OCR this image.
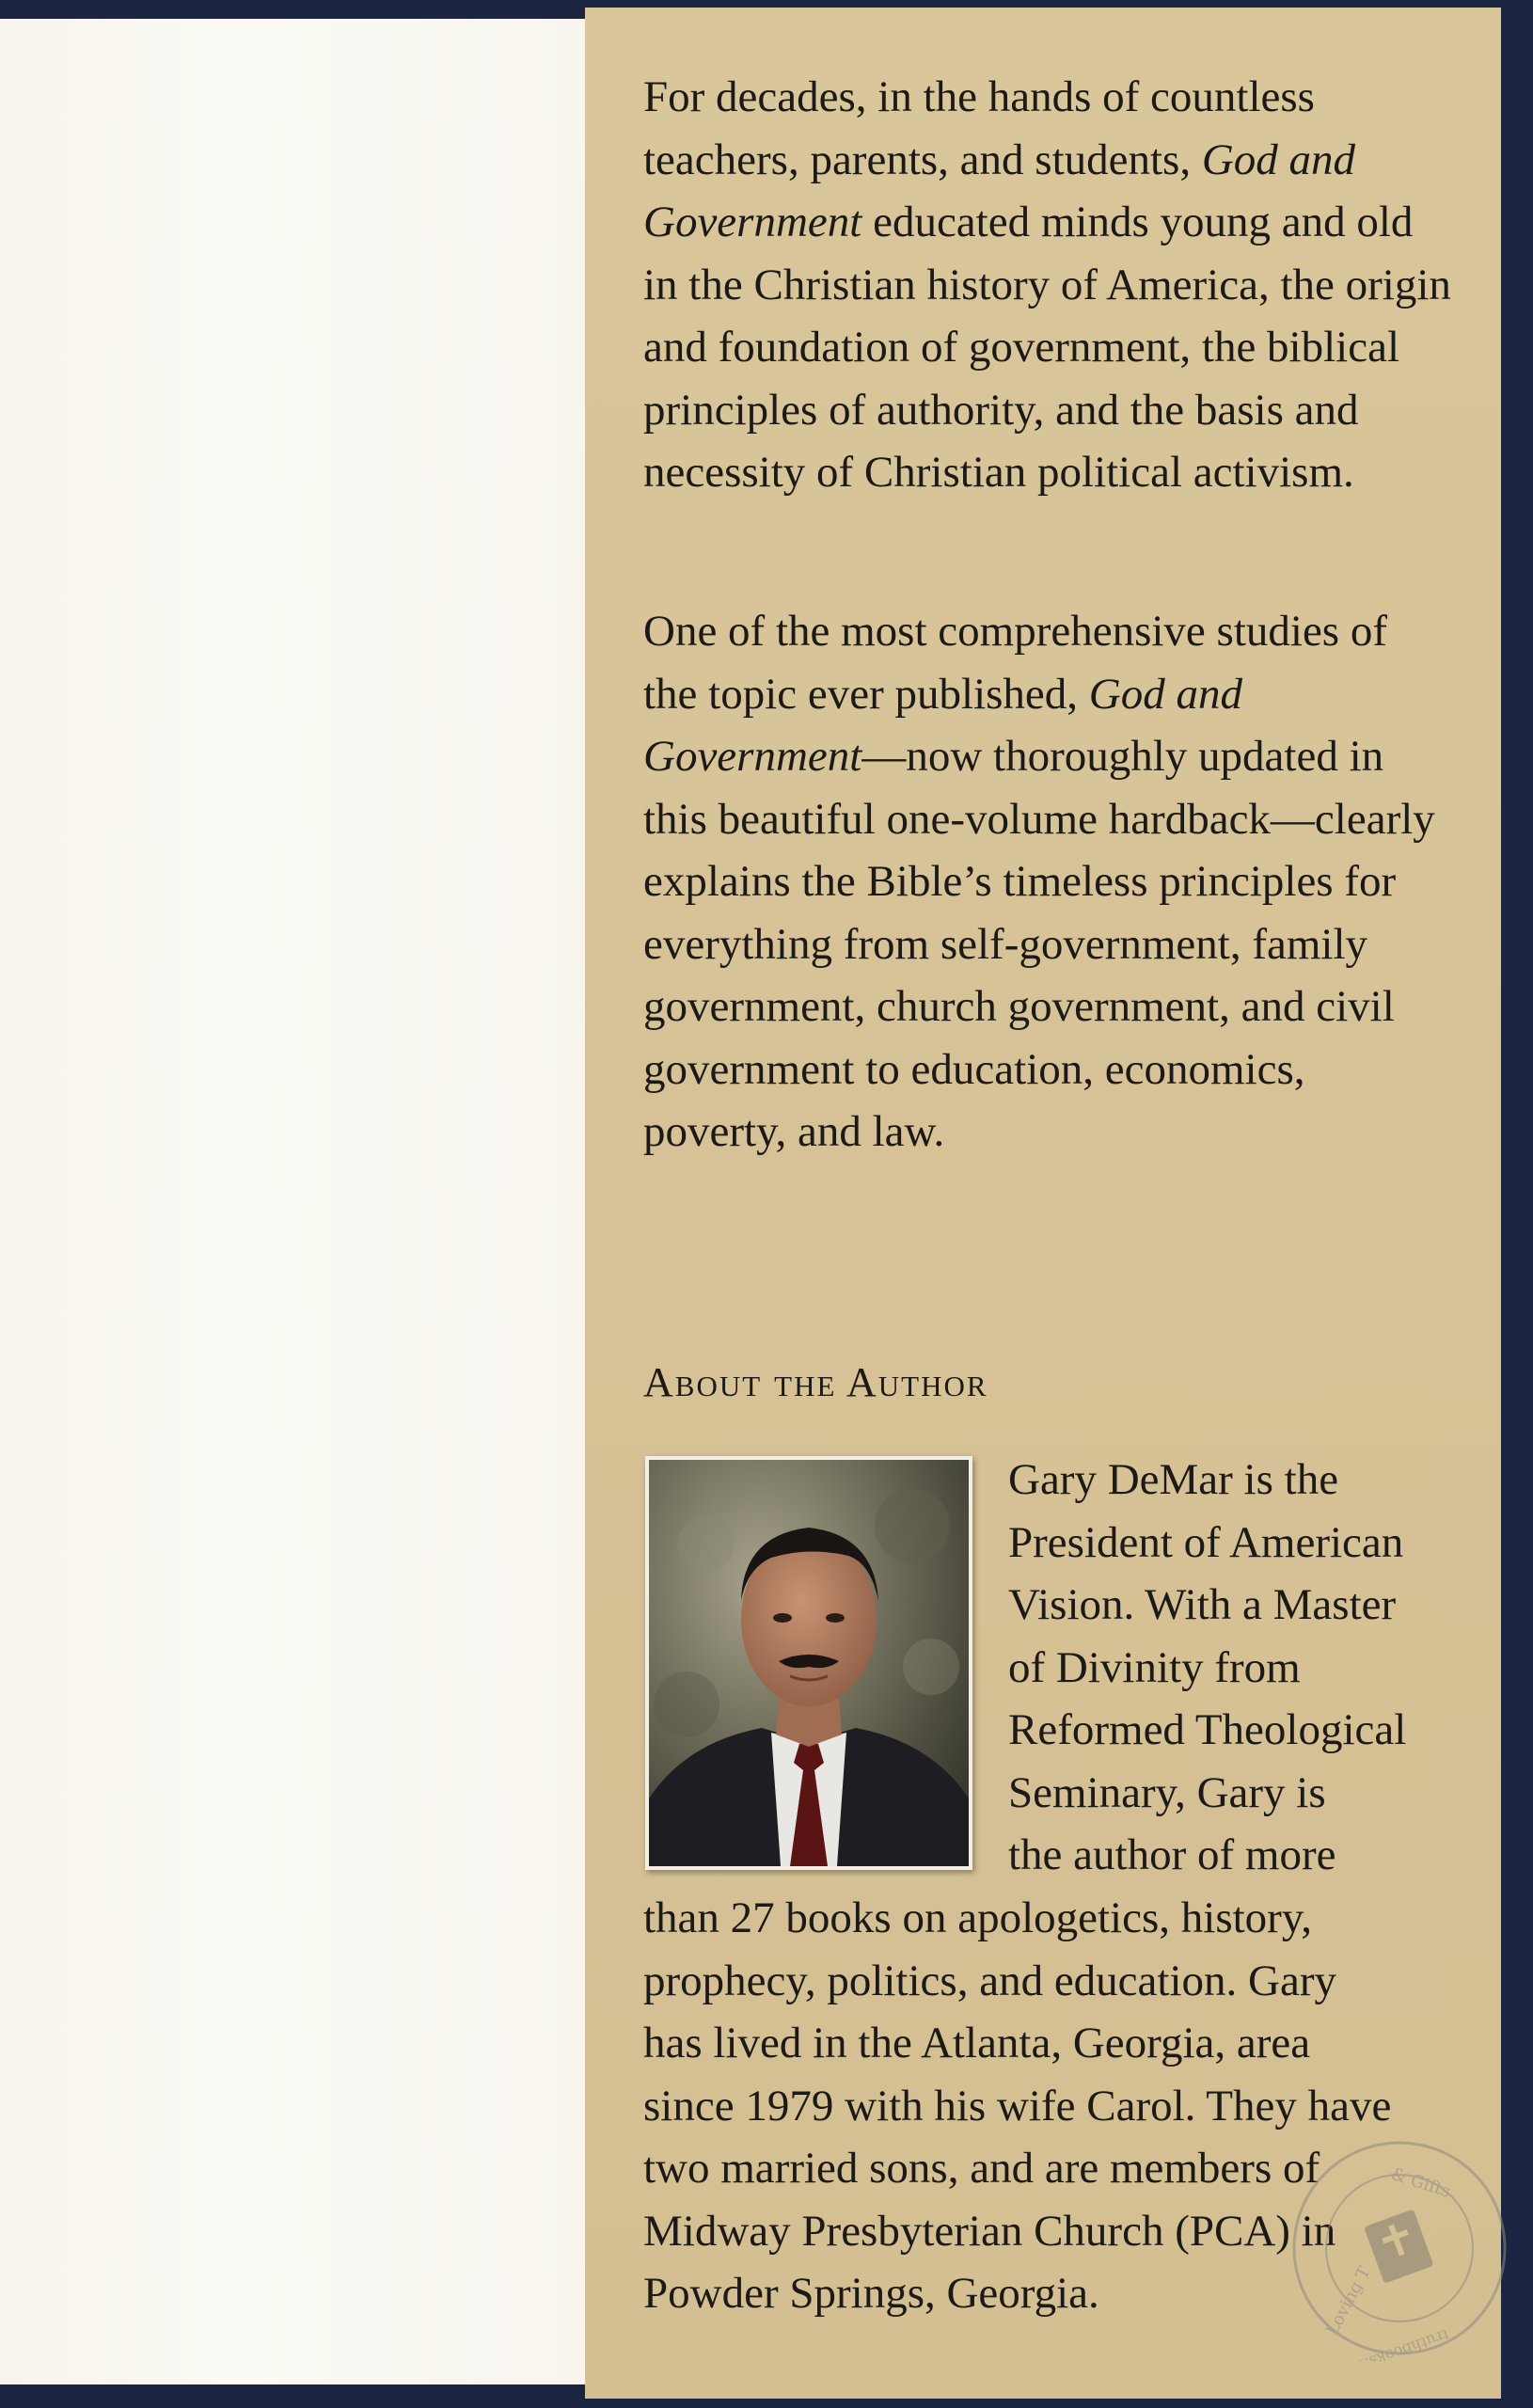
For decades, in the hands of countless teachers, parents, and students, God and Government educated minds young and old in the Christian history of America, the origin and foundation of government, the biblical principles of authority, and the basis and necessity of Christian political activism.

One of the most comprehensive studies of the topic ever published, God and Government—now thoroughly updated in this beautiful one-volume hardback—clearly explains the Bible’s timeless principles for everything from self-government, family government, church government, and civil government to education, economics, poverty, and law.

About the Author

Gary DeMar is the
President of American
Vision. With a Master
of Divinity from
Reformed Theological
Seminary, Gary is
the author of more

than 27 books on apologetics, history,
prophecy, politics, and education. Gary
has lived in the Atlanta, Georgia, area
since 1979 with his wife Carol. They have
two married sons, and are members of
Midway Presbyterian Church (PCA) in
Powder Springs, Georgia.	Loving T
& Gifts
truthbooks.com
